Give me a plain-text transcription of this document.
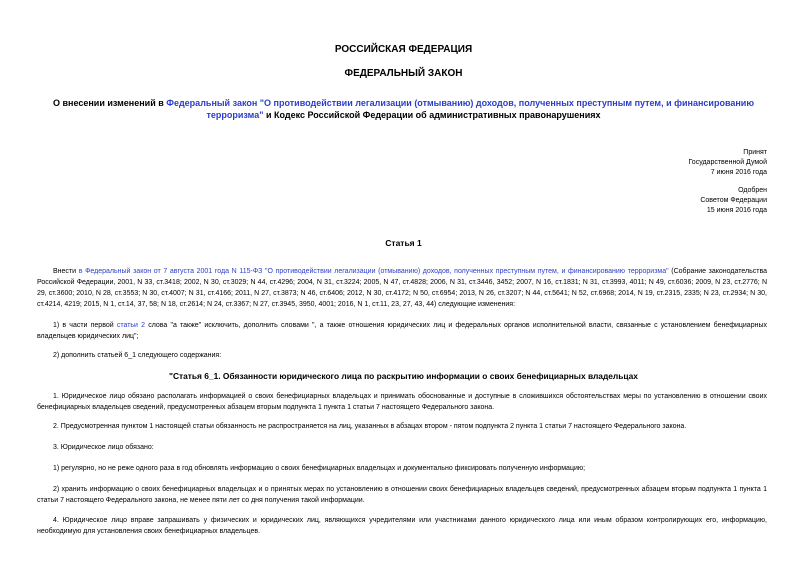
РОССИЙСКАЯ ФЕДЕРАЦИЯ
ФЕДЕРАЛЬНЫЙ ЗАКОН
О внесении изменений в Федеральный закон "О противодействии легализации (отмыванию) доходов, полученных преступным путем, и финансированию терроризма" и Кодекс Российской Федерации об административных правонарушениях
Принят
Государственной Думой
7 июня 2016 года
Одобрен
Советом Федерации
15 июня 2016 года
Статья 1
Внести в Федеральный закон от 7 августа 2001 года N 115-ФЗ "О противодействии легализации (отмыванию) доходов, полученных преступным путем, и финансированию терроризма" (Собрание законодательства Российской Федерации, 2001, N 33, ст.3418; 2002, N 30, ст.3029; N 44, ст.4296; 2004, N 31, ст.3224; 2005, N 47, ст.4828; 2006, N 31, ст.3446, 3452; 2007, N 16, ст.1831; N 31, ст.3993, 4011; N 49, ст.6036; 2009, N 23, ст.2776; N 29, ст.3600; 2010, N 28, ст.3553; N 30, ст.4007; N 31, ст.4166; 2011, N 27, ст.3873; N 46, ст.6406; 2012, N 30, ст.4172; N 50, ст.6954; 2013, N 26, ст.3207; N 44, ст.5641; N 52, ст.6968; 2014, N 19, ст.2315, 2335; N 23, ст.2934; N 30, ст.4214, 4219; 2015, N 1, ст.14, 37, 58; N 18, ст.2614; N 24, ст.3367; N 27, ст.3945, 3950, 4001; 2016, N 1, ст.11, 23, 27, 43, 44) следующие изменения:
1) в части первой статьи 2 слова "а также" исключить, дополнить словами ", а также отношения юридических лиц и федеральных органов исполнительной власти, связанные с установлением бенефициарных владельцев юридических лиц";
2) дополнить статьей 6_1 следующего содержания:
"Статья 6_1. Обязанности юридического лица по раскрытию информации о своих бенефициарных владельцах
1. Юридическое лицо обязано располагать информацией о своих бенефициарных владельцах и принимать обоснованные и доступные в сложившихся обстоятельствах меры по установлению в отношении своих бенефициарных владельцев сведений, предусмотренных абзацем вторым подпункта 1 пункта 1 статьи 7 настоящего Федерального закона.
2. Предусмотренная пунктом 1 настоящей статьи обязанность не распространяется на лиц, указанных в абзацах втором - пятом подпункта 2 пункта 1 статьи 7 настоящего Федерального закона.
3. Юридическое лицо обязано:
1) регулярно, но не реже одного раза в год обновлять информацию о своих бенефициарных владельцах и документально фиксировать полученную информацию;
2) хранить информацию о своих бенефициарных владельцах и о принятых мерах по установлению в отношении своих бенефициарных владельцев сведений, предусмотренных абзацем вторым подпункта 1 пункта 1 статьи 7 настоящего Федерального закона, не менее пяти лет со дня получения такой информации.
4. Юридическое лицо вправе запрашивать у физических и юридических лиц, являющихся учредителями или участниками данного юридического лица или иным образом контролирующих его, информацию, необходимую для установления своих бенефициарных владельцев.
